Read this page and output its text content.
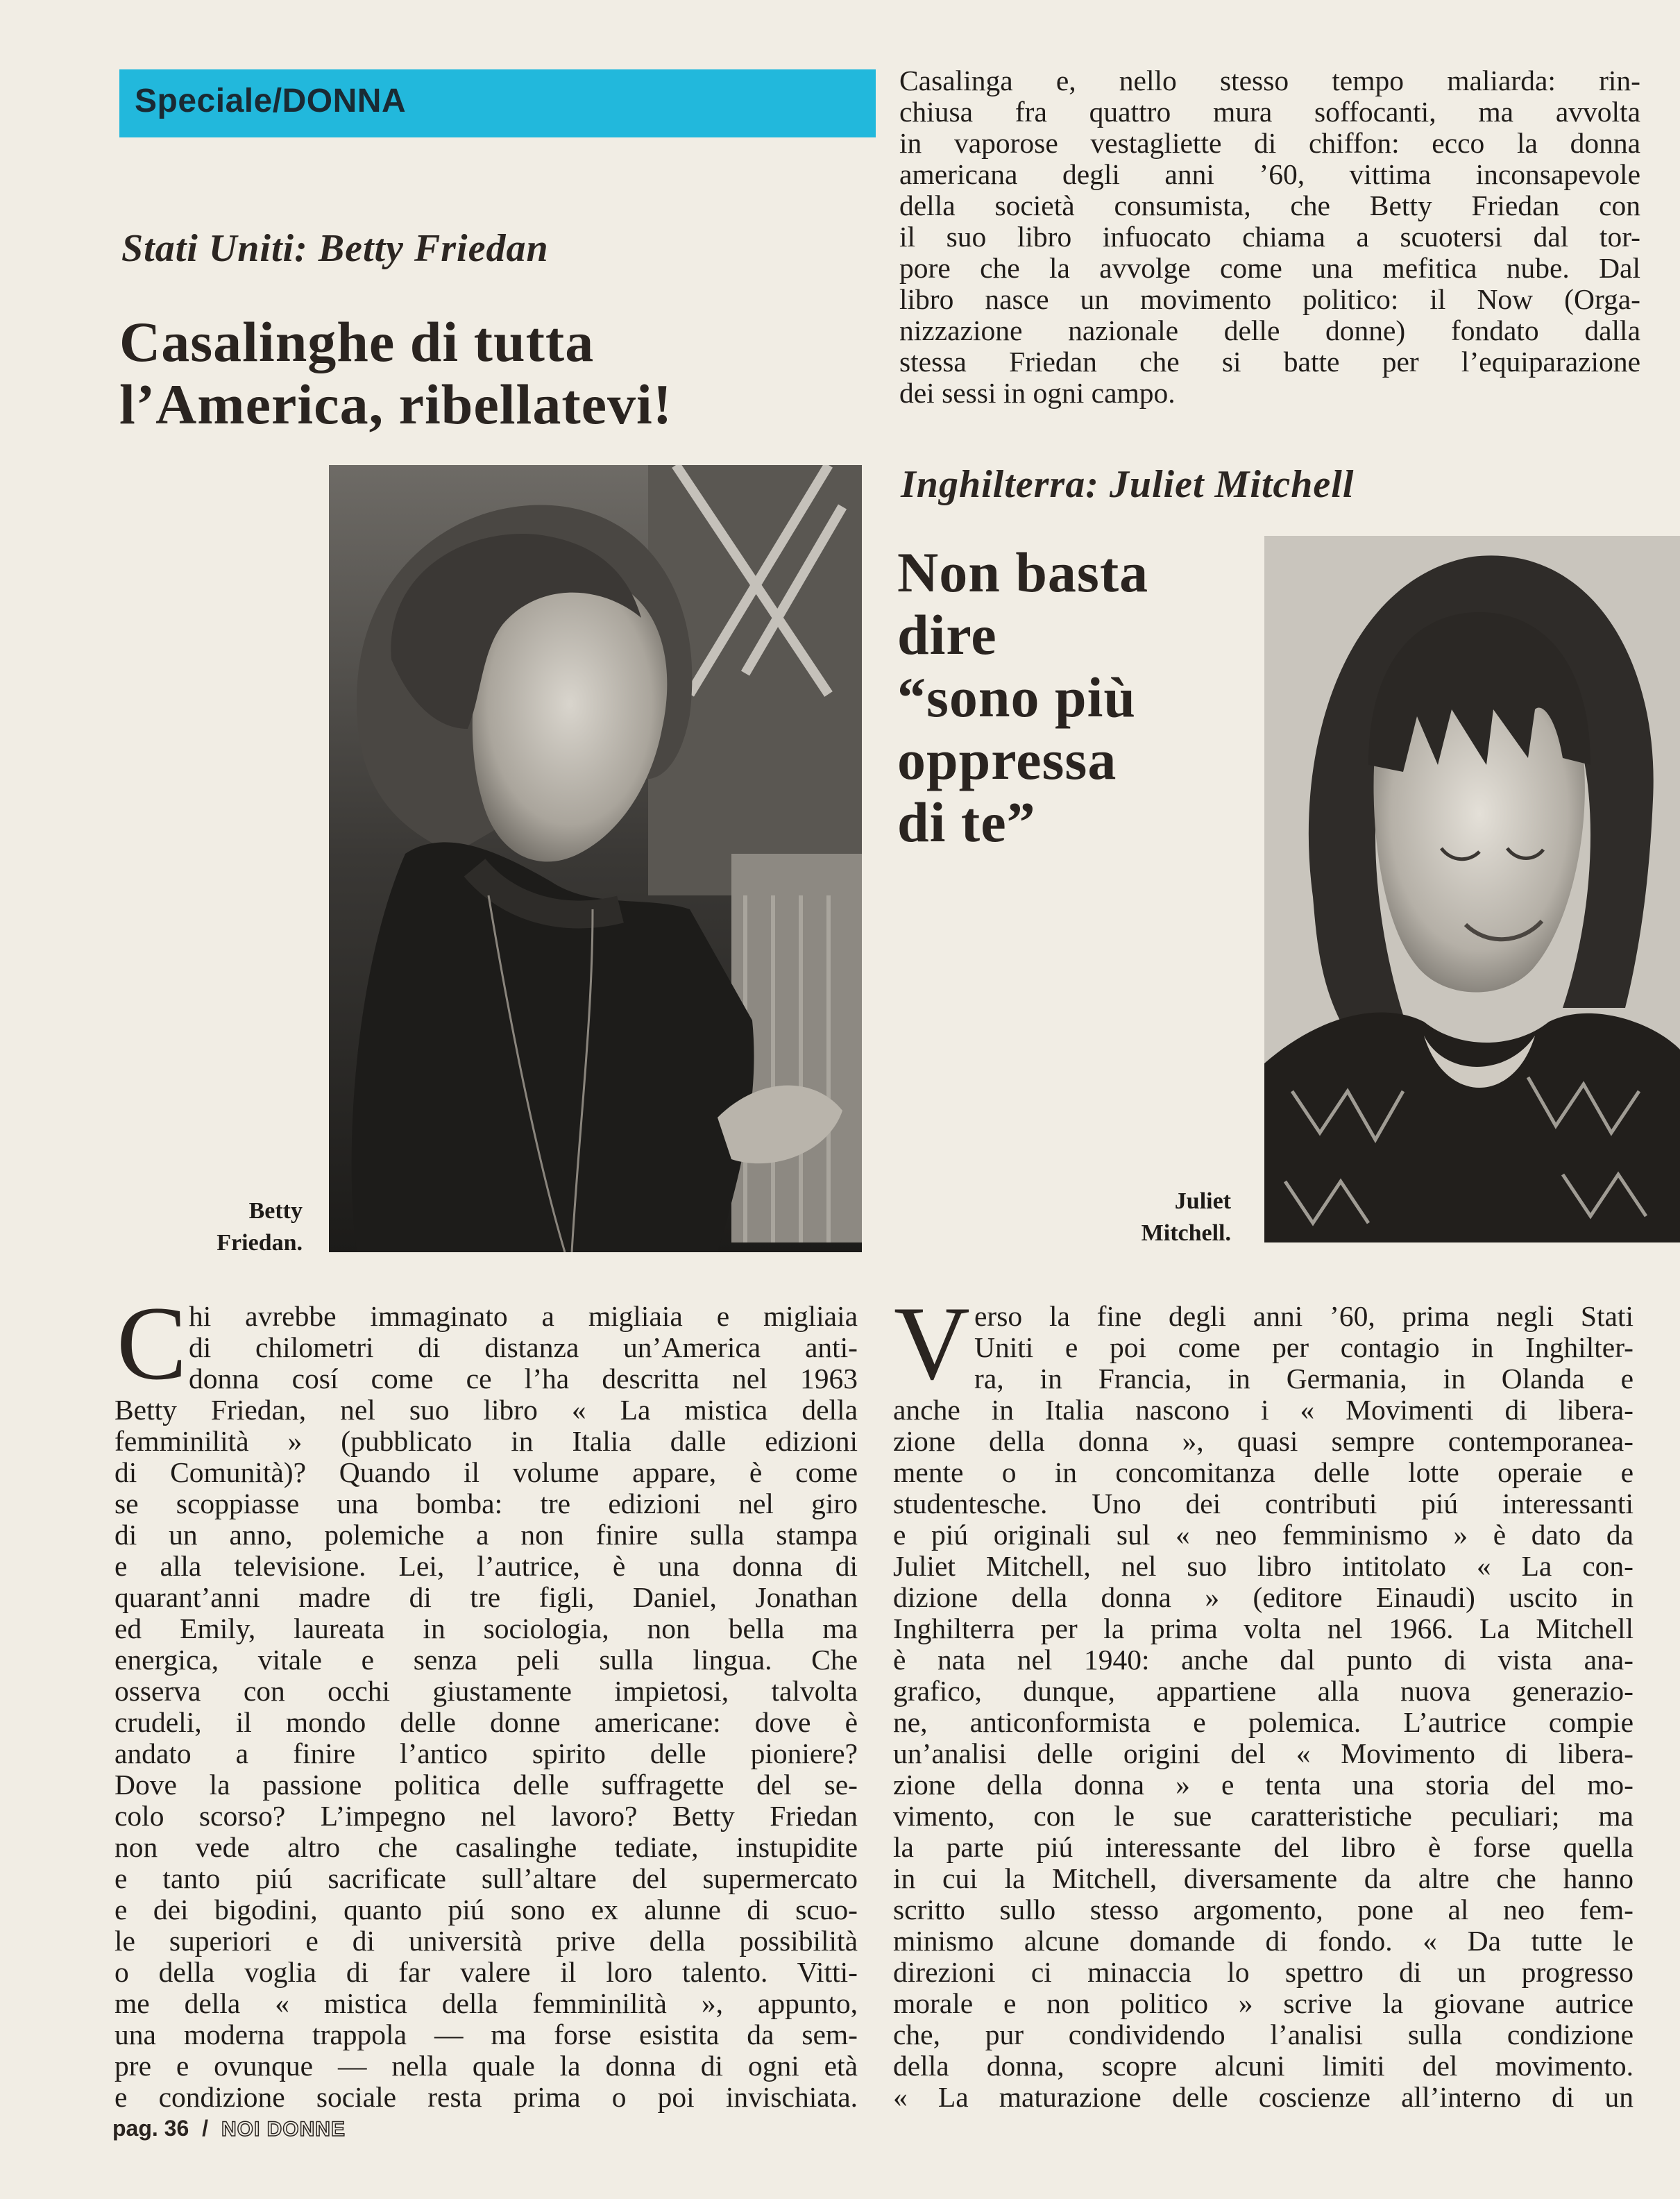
Speciale/DONNA
Stati Uniti: Betty Friedan
Casalinghe di tutta
l’America, ribellatevi!
Betty
Friedan.
C hi avrebbe immaginato a migliaia e migliaia
di chilometri di distanza un’America anti-
donna cosí come ce l’ha descritta nel 1963
Betty Friedan, nel suo libro « La mistica della
femminilità » (pubblicato in Italia dalle edizioni
di Comunità)? Quando il volume appare, è come
se scoppiasse una bomba: tre edizioni nel giro
di un anno, polemiche a non finire sulla stampa
e alla televisione. Lei, l’autrice, è una donna di
quarant’anni madre di tre figli, Daniel, Jonathan
ed Emily, laureata in sociologia, non bella ma
energica, vitale e senza peli sulla lingua. Che
osserva con occhi giustamente impietosi, talvolta
crudeli, il mondo delle donne americane: dove è
andato a finire l’antico spirito delle pioniere?
Dove la passione politica delle suffragette del se-
colo scorso? L’impegno nel lavoro? Betty Friedan
non vede altro che casalinghe tediate, instupidite
e tanto piú sacrificate sull’altare del supermercato
e dei bigodini, quanto piú sono ex alunne di scuo-
le superiori e di università prive della possibilità
o della voglia di far valere il loro talento. Vitti-
me della « mistica della femminilità », appunto,
una moderna trappola — ma forse esistita da sem-
pre e ovunque — nella quale la donna di ogni età
e condizione sociale resta prima o poi invischiata.
Casalinga e, nello stesso tempo maliarda: rin-
chiusa fra quattro mura soffocanti, ma avvolta
in vaporose vestagliette di chiffon: ecco la donna
americana degli anni ’60, vittima inconsapevole
della società consumista, che Betty Friedan con
il suo libro infuocato chiama a scuotersi dal tor-
pore che la avvolge come una mefitica nube. Dal
libro nasce un movimento politico: il Now (Orga-
nizzazione nazionale delle donne) fondato dalla
stessa Friedan che si batte per l’equiparazione
dei sessi in ogni campo.
Inghilterra: Juliet Mitchell
Non basta
dire
“sono più
oppressa
di te”
Juliet
Mitchell.
V erso la fine degli anni ’60, prima negli Stati
Uniti e poi come per contagio in Inghilter-
ra, in Francia, in Germania, in Olanda e
anche in Italia nascono i « Movimenti di libera-
zione della donna », quasi sempre contemporanea-
mente o in concomitanza delle lotte operaie e
studentesche. Uno dei contributi piú interessanti
e piú originali sul « neo femminismo » è dato da
Juliet Mitchell, nel suo libro intitolato « La con-
dizione della donna » (editore Einaudi) uscito in
Inghilterra per la prima volta nel 1966. La Mitchell
è nata nel 1940: anche dal punto di vista ana-
grafico, dunque, appartiene alla nuova generazio-
ne, anticonformista e polemica. L’autrice compie
un’analisi delle origini del « Movimento di libera-
zione della donna » e tenta una storia del mo-
vimento, con le sue caratteristiche peculiari; ma
la parte piú interessante del libro è forse quella
in cui la Mitchell, diversamente da altre che hanno
scritto sullo stesso argomento, pone al neo fem-
minismo alcune domande di fondo. « Da tutte le
direzioni ci minaccia lo spettro di un progresso
morale e non politico » scrive la giovane autrice
che, pur condividendo l’analisi sulla condizione
della donna, scopre alcuni limiti del movimento.
« La maturazione delle coscienze all’interno di un
pag. 36 / NOI DONNE
